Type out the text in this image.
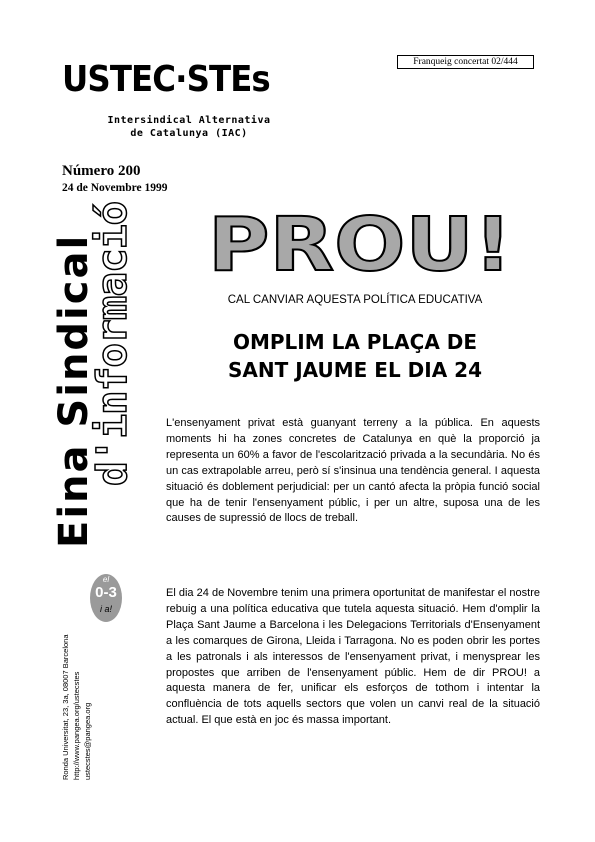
USTEC·STEs
Intersindical Alternativa
de Catalunya (IAC)
Franqueig concertat 02/444
Número 200
24 de Novembre 1999
Eina Sindical
d'informació
el
0-3
i a!
Ronda Universitat, 23, 3a, 08007 Barcelona http://www.pangea.org/ustecstes ustecstes@pangea.org
PROU!
CAL CANVIAR AQUESTA POLÍTICA EDUCATIVA
OMPLIM LA PLAÇA DE
SANT JAUME EL DIA 24
L'ensenyament privat està guanyant terreny a la pública. En aquests moments hi ha zones concretes de Catalunya en què la proporció ja representa un 60% a favor de l'escolarització privada a la secundària. No és un cas extrapolable arreu, però sí s'insinua una tendència general. I aquesta situació és doblement perjudicial: per un cantó afecta la pròpia funció social que ha de tenir l'ensenyament públic, i per un altre, suposa una de les causes de supressió de llocs de treball.
El dia 24 de Novembre tenim una primera oportunitat de manifestar el nostre rebuig a una política educativa que tutela aquesta situació. Hem d'omplir la Plaça Sant Jaume a Barcelona i les Delegacions Territorials d'Ensenyament a les comarques de Girona, Lleida i Tarragona. No es poden obrir les portes a les patronals i als interessos de l'ensenyament privat, i menysprear les propostes que arriben de l'ensenyament públic. Hem de dir PROU! a aquesta manera de fer, unificar els esforços de tothom i intentar la confluència de tots aquells sectors que volen un canvi real de la situació actual. El que està en joc és massa important.
